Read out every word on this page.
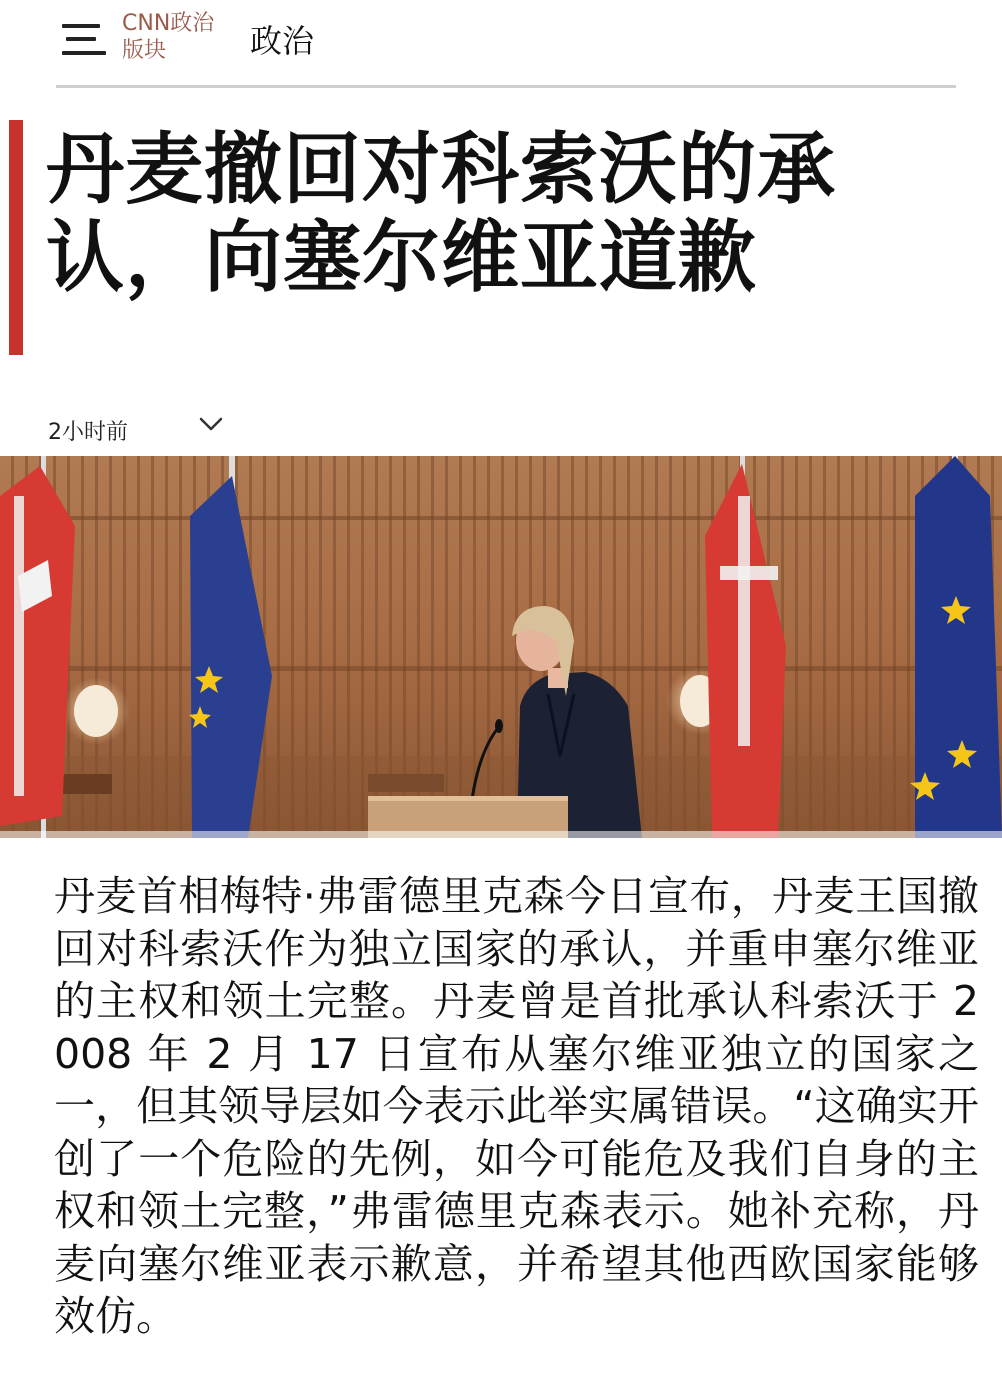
CNN政治版块	政治
丹麦撤回对科索沃的承认，向塞尔维亚道歉
2小时前

丹麦首相梅特·弗雷德里克森今日宣布，丹麦王国撤回对科索沃作为独立国家的承认，并重申塞尔维亚的主权和领土完整。丹麦曾是首批承认科索沃于 2008 年 2 月 17 日宣布从塞尔维亚独立的国家之一，但其领导层如今表示此举实属错误。“这确实开创了一个危险的先例，如今可能危及我们自身的主权和领土完整，”弗雷德里克森表示。她补充称，丹麦向塞尔维亚表示歉意，并希望其他西欧国家能够效仿。
